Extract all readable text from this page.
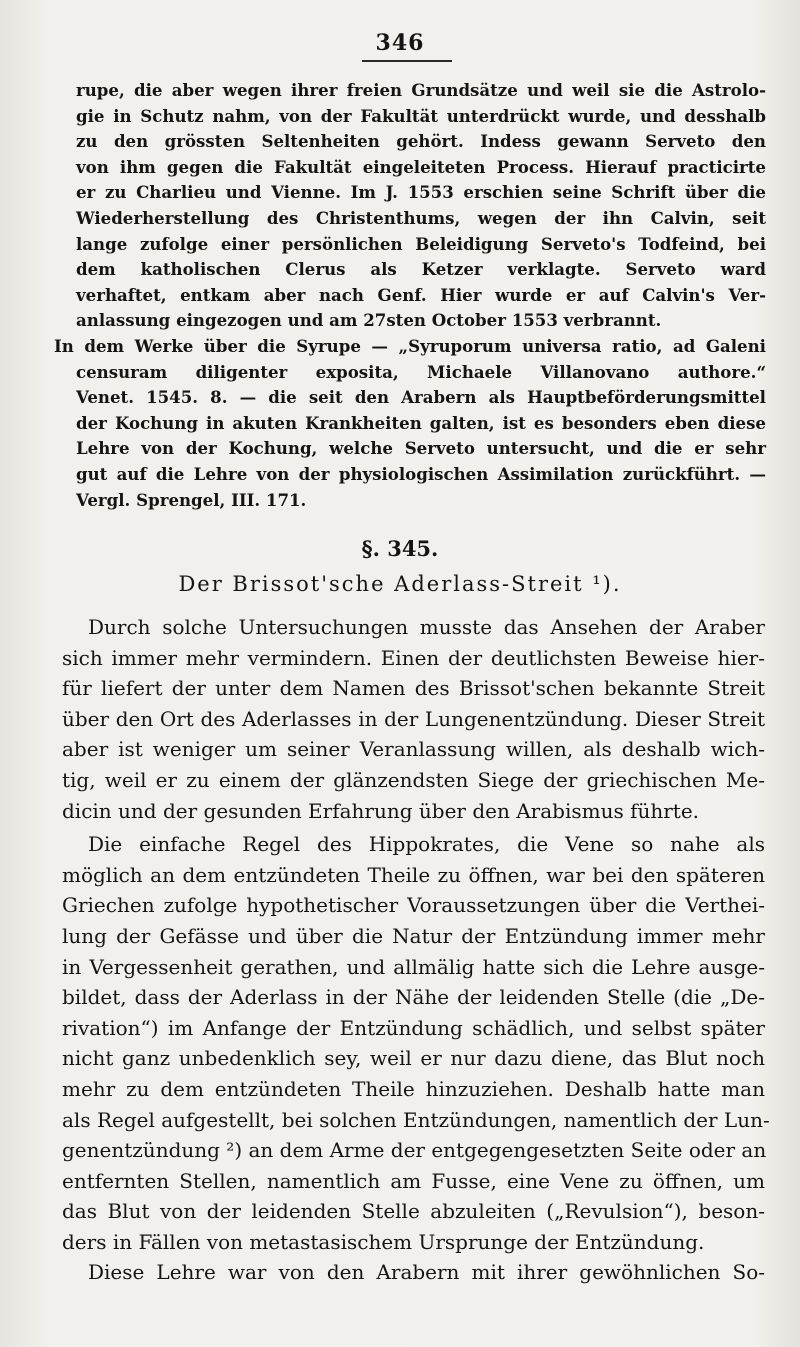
346
rupe, die aber wegen ihrer freien Grundsätze und weil sie die Astrolo-
gie in Schutz nahm, von der Fakultät unterdrückt wurde, und desshalb
zu den grössten Seltenheiten gehört. Indess gewann Serveto den
von ihm gegen die Fakultät eingeleiteten Process. Hierauf practicirte
er zu Charlieu und Vienne. Im J. 1553 erschien seine Schrift über die
Wiederherstellung des Christenthums, wegen der ihn Calvin, seit
lange zufolge einer persönlichen Beleidigung Serveto's Todfeind, bei
dem katholischen Clerus als Ketzer verklagte. Serveto ward
verhaftet, entkam aber nach Genf. Hier wurde er auf Calvin's Ver-
anlassung eingezogen und am 27sten October 1553 verbrannt.
In dem Werke über die Syrupe — „Syruporum universa ratio, ad Galeni
censuram diligenter exposita, Michaele Villanovano authore.“
Venet. 1545. 8. — die seit den Arabern als Hauptbeförderungsmittel
der Kochung in akuten Krankheiten galten, ist es besonders eben diese
Lehre von der Kochung, welche Serveto untersucht, und die er sehr
gut auf die Lehre von der physiologischen Assimilation zurückführt. —
Vergl. Sprengel, III. 171.
§. 345.
Der Brissot'sche Aderlass-Streit ¹).
Durch solche Untersuchungen musste das Ansehen der Araber
sich immer mehr vermindern. Einen der deutlichsten Beweise hier-
für liefert der unter dem Namen des Brissot'schen bekannte Streit
über den Ort des Aderlasses in der Lungenentzündung. Dieser Streit
aber ist weniger um seiner Veranlassung willen, als deshalb wich-
tig, weil er zu einem der glänzendsten Siege der griechischen Me-
dicin und der gesunden Erfahrung über den Arabismus führte.
Die einfache Regel des Hippokrates, die Vene so nahe als
möglich an dem entzündeten Theile zu öffnen, war bei den späteren
Griechen zufolge hypothetischer Voraussetzungen über die Verthei-
lung der Gefässe und über die Natur der Entzündung immer mehr
in Vergessenheit gerathen, und allmälig hatte sich die Lehre ausge-
bildet, dass der Aderlass in der Nähe der leidenden Stelle (die „De-
rivation“) im Anfange der Entzündung schädlich, und selbst später
nicht ganz unbedenklich sey, weil er nur dazu diene, das Blut noch
mehr zu dem entzündeten Theile hinzuziehen. Deshalb hatte man
als Regel aufgestellt, bei solchen Entzündungen, namentlich der Lun-
genentzündung ²) an dem Arme der entgegengesetzten Seite oder an
entfernten Stellen, namentlich am Fusse, eine Vene zu öffnen, um
das Blut von der leidenden Stelle abzuleiten („Revulsion“), beson-
ders in Fällen von metastasischem Ursprunge der Entzündung.
Diese Lehre war von den Arabern mit ihrer gewöhnlichen So-
